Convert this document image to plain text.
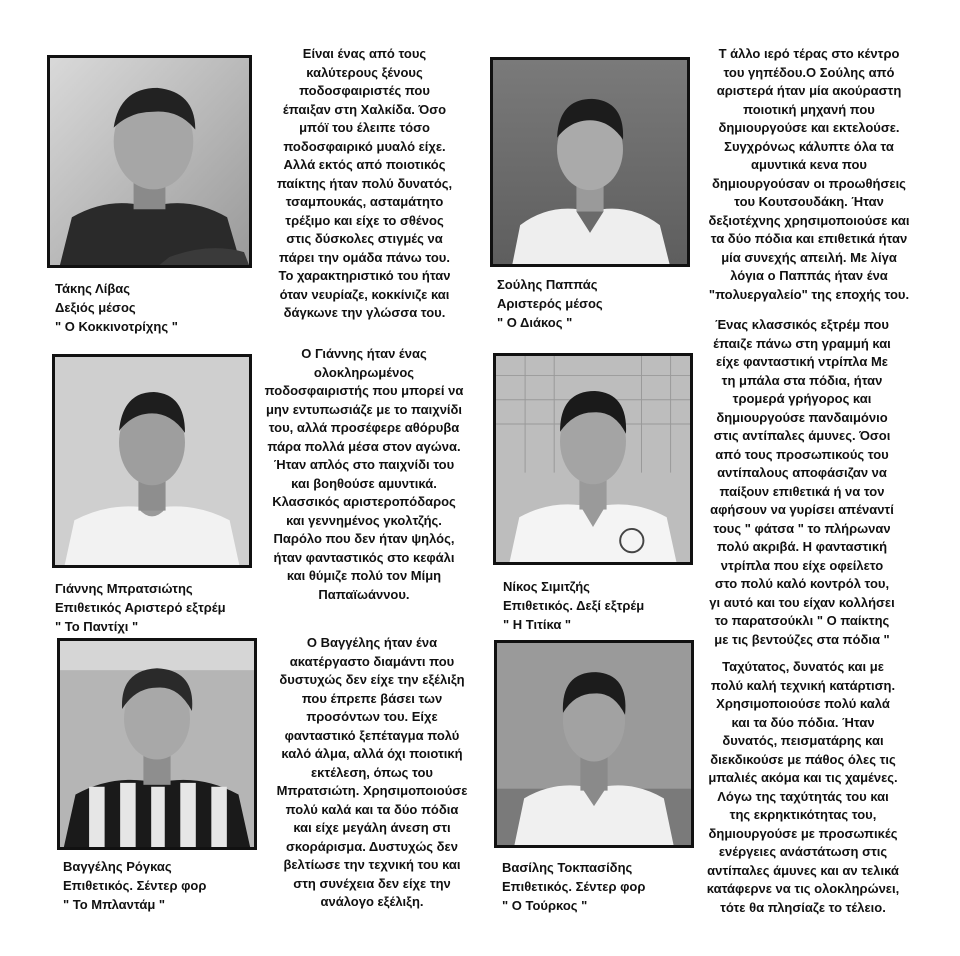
Τάκης Λίβας
Δεξιός μέσος
" Ο Κοκκινοτρίχης "
Είναι ένας από τους
καλύτερους ξένους
ποδοσφαιριστές που
έπαιξαν στη Χαλκίδα. Όσο
μπόϊ του έλειπε τόσο
ποδοσφαιρικό μυαλό είχε.
Αλλά εκτός από ποιοτικός
παίκτης ήταν πολύ δυνατός,
τσαμπουκάς, ασταμάτητο
τρέξιμο και είχε το σθένος
στις δύσκολες στιγμές να
πάρει την ομάδα πάνω του.
Το χαρακτηριστικό του ήταν
όταν νευρίαζε, κοκκίνιζε και
δάγκωνε την γλώσσα του.
Σούλης Παππάς
Αριστερός μέσος
" Ο Διάκος "
Τ άλλο ιερό τέρας στο κέντρο
του γηπέδου.Ο Σούλης από
αριστερά ήταν μία ακούραστη
ποιοτική μηχανή που
δημιουργούσε και εκτελούσε.
Συγχρόνως κάλυπτε όλα τα
αμυντικά κενα που
δημιουργούσαν οι προωθήσεις
του Κουτσουδάκη. Ήταν
δεξιοτέχνης χρησιμοποιούσε και
τα δύο πόδια και επιθετικά ήταν
μία συνεχής απειλή. Με λίγα
λόγια ο Παππάς ήταν ένα
"πολυεργαλείο" της εποχής του.
Γιάννης Μπρατσιώτης
Επιθετικός Αριστερό εξτρέμ
" Το Παντίχι "
Ο Γιάννης ήταν ένας
ολοκληρωμένος
ποδοσφαιριστής που μπορεί να
μην εντυπωσιάζε με το παιχνίδι
του, αλλά προσέφερε αθόρυβα
πάρα πολλά μέσα στον αγώνα.
Ήταν απλός στο παιχνίδι του
και βοηθούσε αμυντικά.
Κλασσικός αριστεροπόδαρος
και γεννημένος γκολτζής.
Παρόλο που δεν ήταν ψηλός,
ήταν φανταστικός στο κεφάλι
και θύμιζε πολύ τον Μίμη
Παπαϊωάννου.	Νίκος Σιμιτζής
Επιθετικός. Δεξί εξτρέμ
" Η Τιτίκα "
Ένας κλασσικός εξτρέμ που
έπαιζε πάνω στη γραμμή και
είχε φανταστική ντρίπλα Με
τη μπάλα στα πόδια, ήταν
τρομερά γρήγορος και
δημιουργούσε πανδαιμόνιο
στις αντίπαλες άμυνες. Όσοι
από τους προσωπικούς του
αντίπαλους αποφάσιζαν να
παίξουν επιθετικά ή να τον
αφήσουν να γυρίσει απέναντί
τους " φάτσα " το πλήρωναν
πολύ ακριβά. Η φανταστική
ντρίπλα που είχε οφείλετο
στο πολύ καλό κοντρόλ του,
γι αυτό και του είχαν κολλήσει
το παρατσούκλι " Ο παίκτης
με τις βεντούζες στα πόδια "
Βαγγέλης Ρόγκας
Επιθετικός. Σέντερ φορ
" Το Μπλαντάμ "
Ο Βαγγέλης ήταν ένα
ακατέργαστο διαμάντι που
δυστυχώς δεν είχε την εξέλιξη
που έπρεπε βάσει των
προσόντων του. Είχε
φανταστικό ξεπέταγμα πολύ
καλό άλμα, αλλά όχι ποιοτική
εκτέλεση, όπως του
Μπρατσιώτη. Χρησιμοποιούσε
πολύ καλά και τα δύο πόδια
και είχε μεγάλη άνεση στι
σκοράρισμα. Δυστυχώς δεν
βελτίωσε την τεχνική του και
στη συνέχεια δεν είχε την
ανάλογο εξέλιξη.
Βασίλης Τοκπασίδης
Επιθετικός. Σέντερ φορ
" Ο Τούρκος "
Ταχύτατος, δυνατός και με
πολύ καλή τεχνική κατάρτιση.
Χρησιμοποιούσε πολύ καλά
και τα δύο πόδια. Ήταν
δυνατός, πεισματάρης και
διεκδικούσε με πάθος όλες τις
μπαλιές ακόμα και τις χαμένες.
Λόγω της ταχύτητάς του και
της εκρηκτικότητας του,
δημιουργούσε με προσωπικές
ενέργειες ανάστάτωση στις
αντίπαλες άμυνες και αν τελικά
κατάφερνε να τις ολοκληρώνει,
τότε θα πλησίαζε το τέλειο.
